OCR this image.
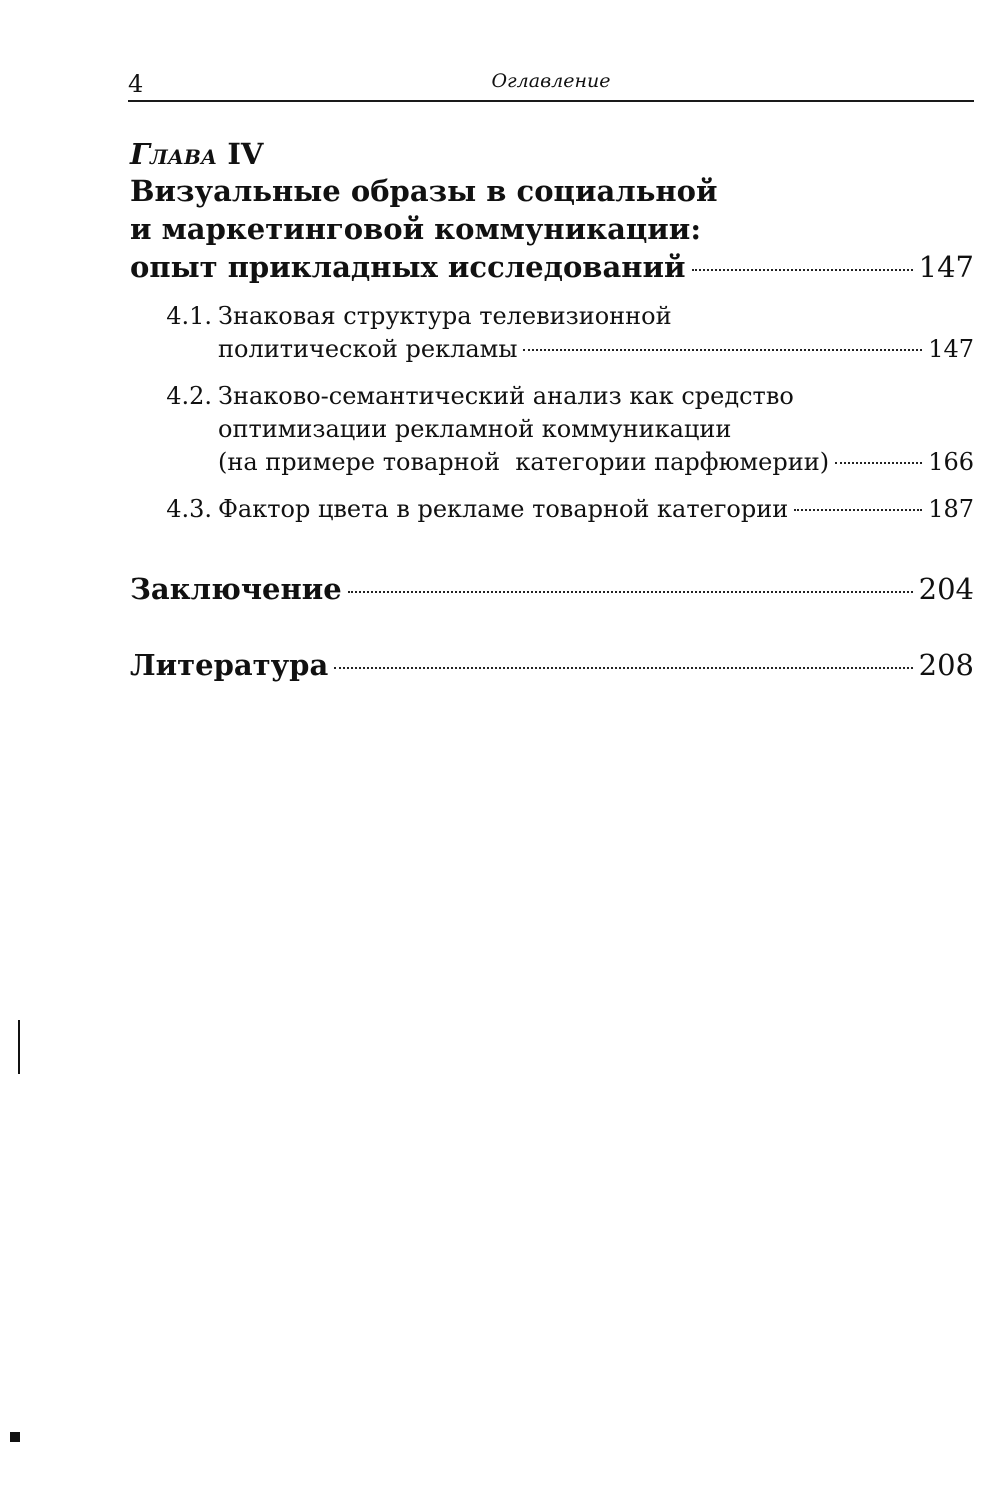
4	Оглавление
Глава IV
Визуальные образы в социальной
и маркетинговой коммуникации:
опыт прикладных исследований	147
4.1. Знаковая структура телевизионной
политической рекламы	147
4.2. Знаково-семантический анализ как средство
оптимизации рекламной коммуникации
(на примере товарной  категории парфюмерии)	166
4.3. Фактор цвета в рекламе товарной категории	187
Заключение	204
Литература	208
